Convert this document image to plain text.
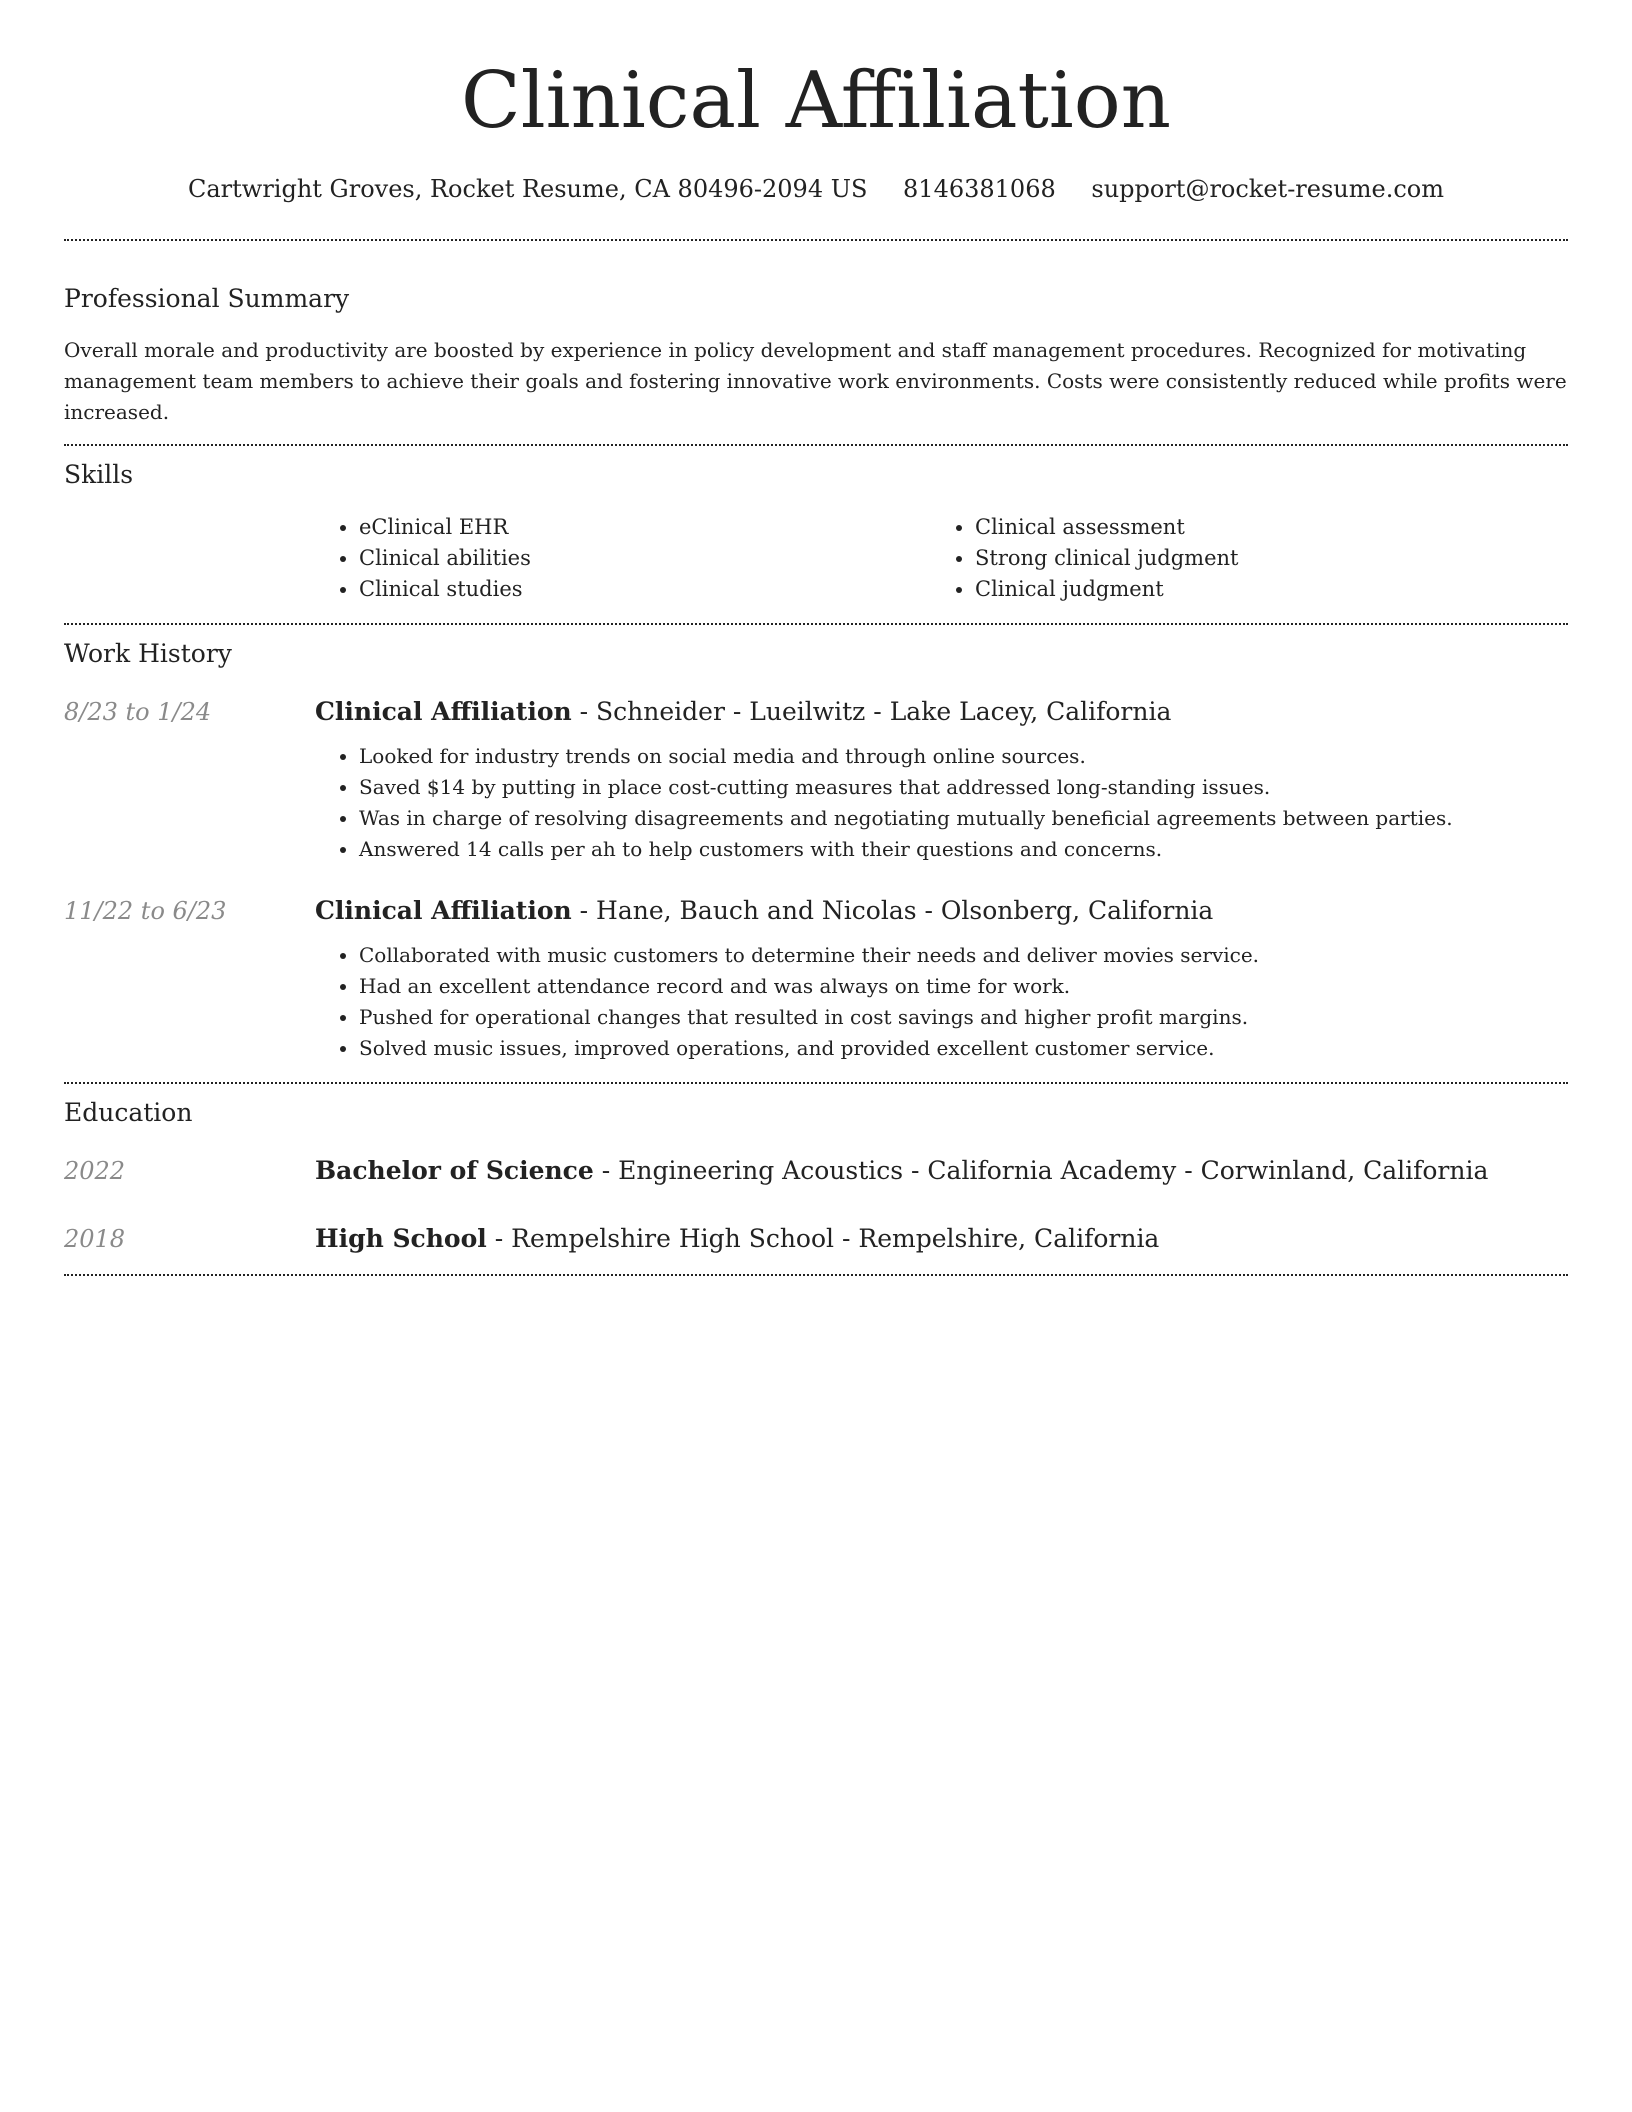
Clinical Affiliation
Cartwright Groves, Rocket Resume, CA 80496-2094 US 8146381068 support@rocket-resume.com
Professional Summary

Overall morale and productivity are boosted by experience in policy development and staff management procedures. Recognized for motivating management team members to achieve their goals and fostering innovative work environments. Costs were consistently reduced while profits were increased.

Skills
• eClinical EHR
• Clinical abilities
• Clinical studies
• Clinical assessment
• Strong clinical judgment
• Clinical judgment
Work History
8/23 to 1/24	Clinical Affiliation - Schneider - Lueilwitz - Lake Lacey, California
• Looked for industry trends on social media and through online sources.
• Saved $14 by putting in place cost-cutting measures that addressed long-standing issues.
• Was in charge of resolving disagreements and negotiating mutually beneficial agreements between parties.
• Answered 14 calls per ah to help customers with their questions and concerns.
11/22 to 6/23	Clinical Affiliation - Hane, Bauch and Nicolas - Olsonberg, California
• Collaborated with music customers to determine their needs and deliver movies service.
• Had an excellent attendance record and was always on time for work.
• Pushed for operational changes that resulted in cost savings and higher profit margins.
• Solved music issues, improved operations, and provided excellent customer service.
Education
2022	Bachelor of Science - Engineering Acoustics - California Academy - Corwinland, California
2018	High School - Rempelshire High School - Rempelshire, California
